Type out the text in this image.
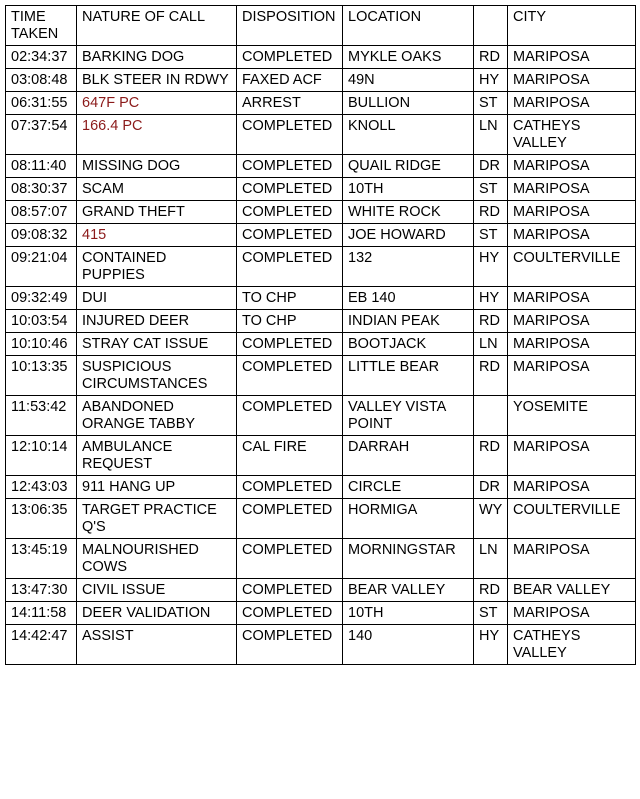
TIME
TAKEN	NATURE OF CALL	DISPOSITION	LOCATION		CITY
02:34:37	BARKING DOG	COMPLETED	MYKLE OAKS	RD	MARIPOSA
03:08:48	BLK STEER IN RDWY	FAXED ACF	49N	HY	MARIPOSA
06:31:55	647F PC	ARREST	BULLION	ST	MARIPOSA
07:37:54	166.4 PC	COMPLETED	KNOLL	LN	CATHEYS VALLEY
08:11:40	MISSING DOG	COMPLETED	QUAIL RIDGE	DR	MARIPOSA
08:30:37	SCAM	COMPLETED	10TH	ST	MARIPOSA
08:57:07	GRAND THEFT	COMPLETED	WHITE ROCK	RD	MARIPOSA
09:08:32	415	COMPLETED	JOE HOWARD	ST	MARIPOSA
09:21:04	CONTAINED PUPPIES	COMPLETED	132	HY	COULTERVILLE
09:32:49	DUI	TO CHP	EB 140	HY	MARIPOSA
10:03:54	INJURED DEER	TO CHP	INDIAN PEAK	RD	MARIPOSA
10:10:46	STRAY CAT ISSUE	COMPLETED	BOOTJACK	LN	MARIPOSA
10:13:35	SUSPICIOUS CIRCUMSTANCES	COMPLETED	LITTLE BEAR	RD	MARIPOSA
11:53:42	ABANDONED ORANGE TABBY	COMPLETED	VALLEY VISTA POINT		YOSEMITE
12:10:14	AMBULANCE REQUEST	CAL FIRE	DARRAH	RD	MARIPOSA
12:43:03	911 HANG UP	COMPLETED	CIRCLE	DR	MARIPOSA
13:06:35	TARGET PRACTICE Q'S	COMPLETED	HORMIGA	WY	COULTERVILLE
13:45:19	MALNOURISHED COWS	COMPLETED	MORNINGSTAR	LN	MARIPOSA
13:47:30	CIVIL ISSUE	COMPLETED	BEAR VALLEY	RD	BEAR VALLEY
14:11:58	DEER VALIDATION	COMPLETED	10TH	ST	MARIPOSA
14:42:47	ASSIST	COMPLETED	140	HY	CATHEYS VALLEY
